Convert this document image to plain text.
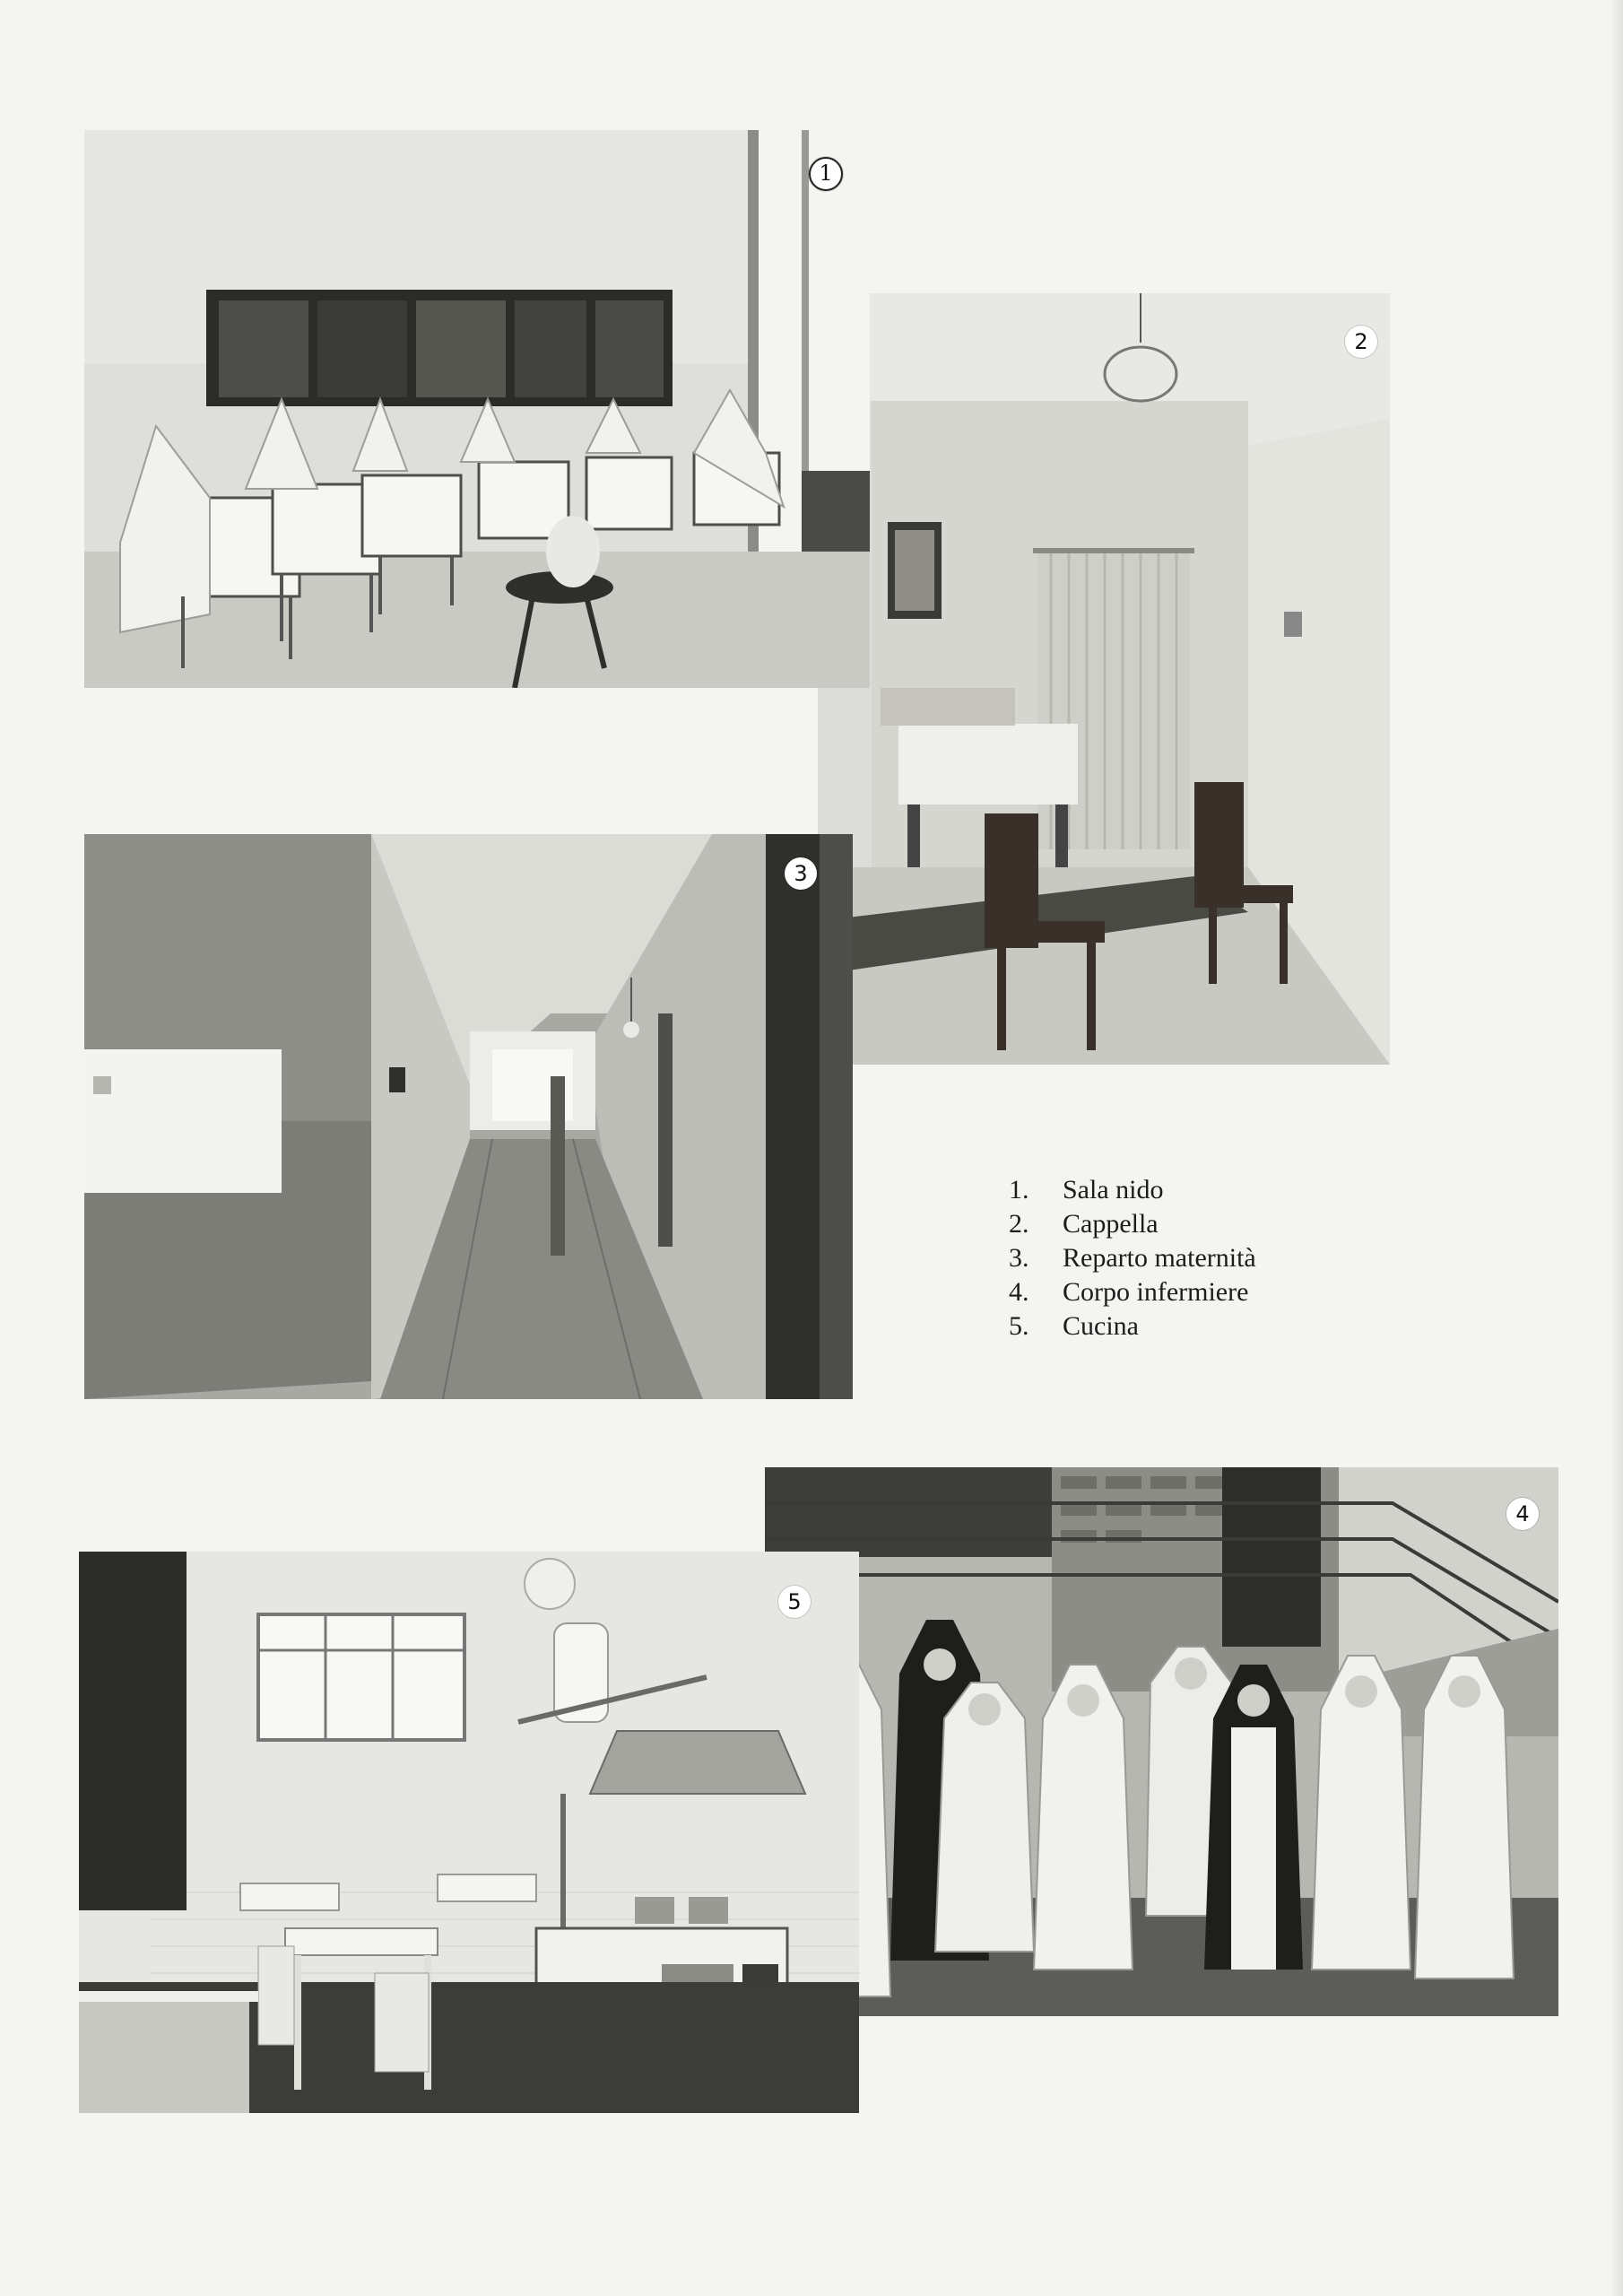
2
1
3
4
5
1. Sala nido
2. Cappella
3. Reparto maternità
4. Corpo infermiere
5. Cucina
